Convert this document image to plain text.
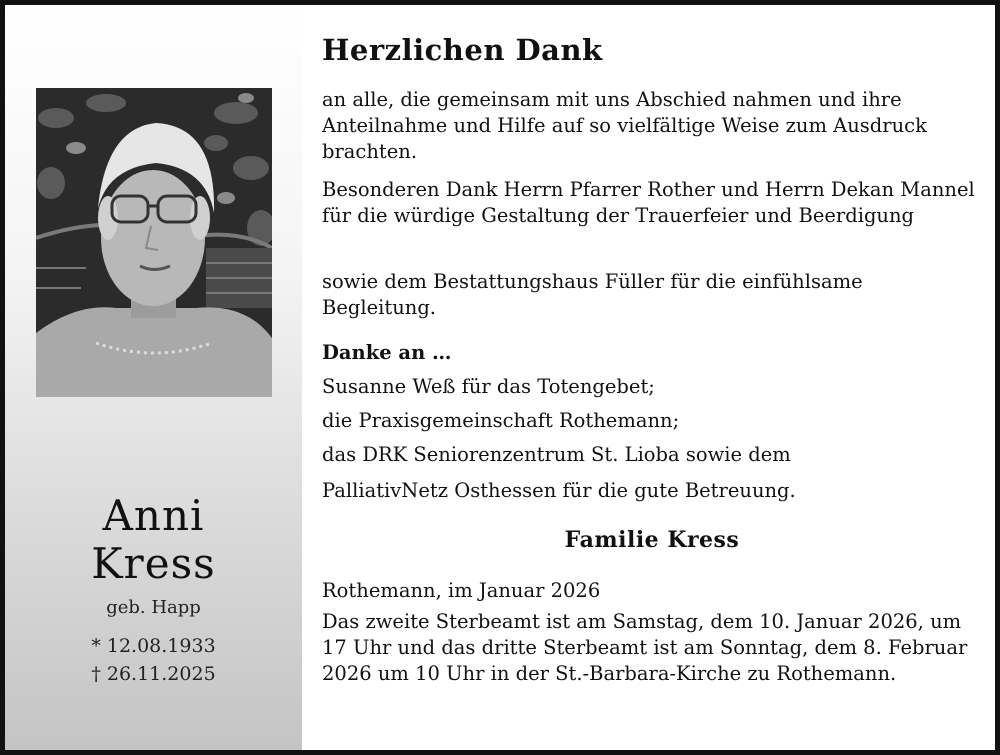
Anni
Kress
geb. Happ
* 12.08.1933
† 26.11.2025
Herzlichen Dank
an alle, die gemeinsam mit uns Abschied nahmen und ihre Anteilnahme und Hilfe auf so vielfältige Weise zum Ausdruck brachten.
Besonderen Dank Herrn Pfarrer Rother und Herrn Dekan Mannel für die würdige Gestaltung der Trauerfeier und Beerdigung
sowie dem Bestattungshaus Füller für die einfühlsame Begleitung.
Danke an …
Susanne Weß für das Totengebet;
die Praxisgemeinschaft Rothemann;
das DRK Seniorenzentrum St. Lioba sowie dem
PalliativNetz Osthessen für die gute Betreuung.
Familie Kress
Rothemann, im Januar 2026
Das zweite Sterbeamt ist am Samstag, dem 10. Januar 2026, um 17 Uhr und das dritte Sterbeamt ist am Sonntag, dem 8. Februar 2026 um 10 Uhr in der St.-Barbara-Kirche zu Rothemann.
